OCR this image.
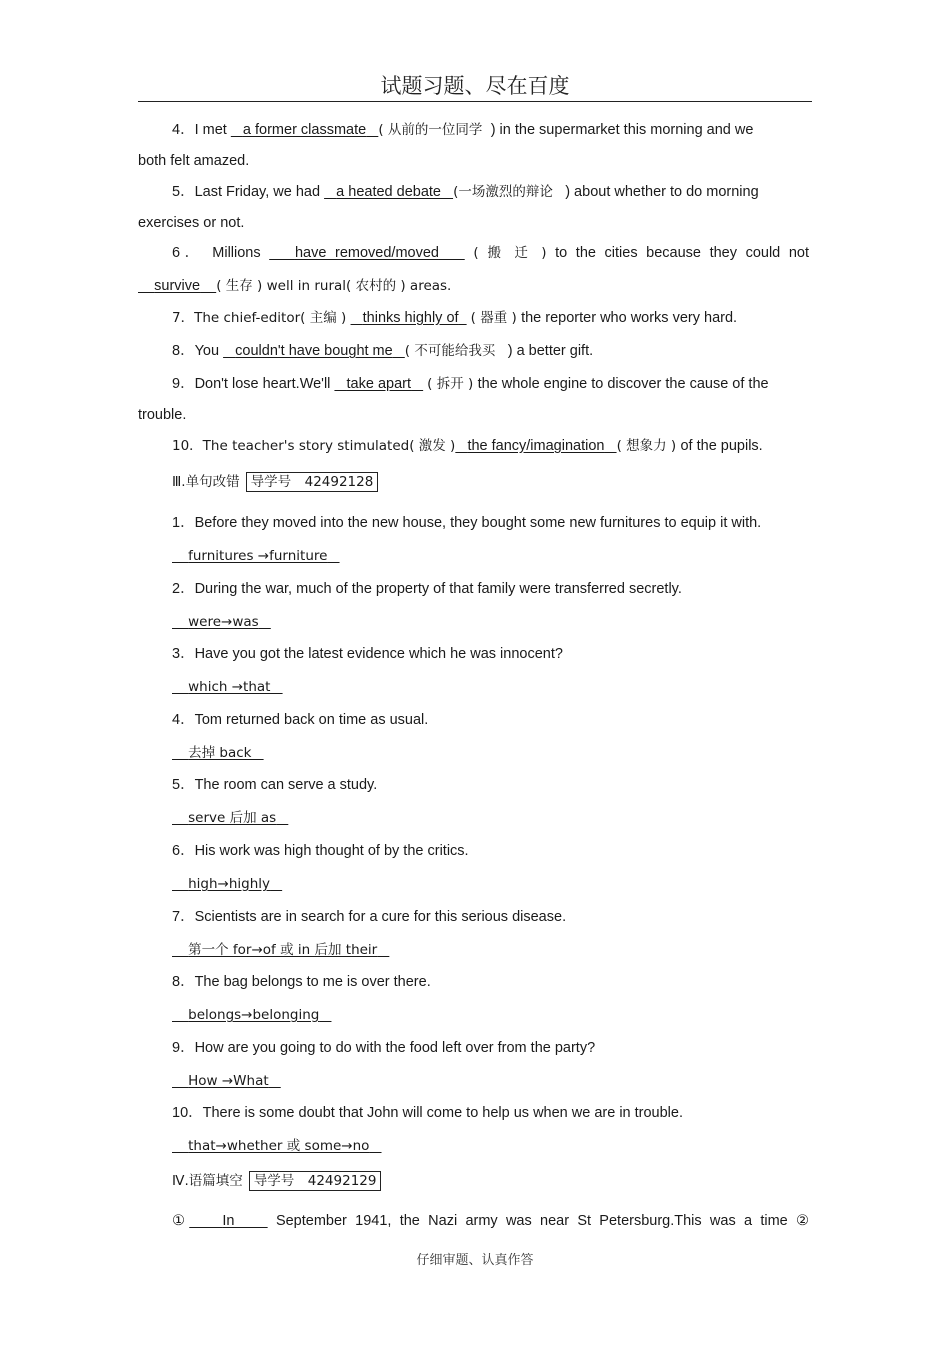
试题习题、尽在百度
4．I met    a former classmate ( 从前的一位同学  ) in the supermarket this morning and we
both felt amazed.
5．Last Friday, we had    a heated debate (一场激烈的辩论   ) about whether to do morning
exercises or not.
6． Millions    have removed/moved	( 搬 迁 ) to the cities because they could not
survive ( 生存 ) well in rural( 农村的 ) areas.
7．The chief-editor( 主编 )    thinks highly of ( 器重 ) the reporter who works very hard.
8．You    couldn't have bought me ( 不可能给我买   ) a better gift.
9．Don't lose heart.We'll    take apart ( 拆开 ) the whole engine to discover the cause of the
trouble.
10．The teacher's story stimulated( 激发 ) the fancy/imagination ( 想象力 ) of the pupils.
Ⅲ.单句改错 导学号　42492128
1．Before they moved into the new house, they bought some new furnitures to equip it with.
furnitures →furniture
2．During the war, much of the property of that family were transferred secretly.
were→was
3．Have you got the latest evidence which he was innocent?
which →that
4．Tom returned back on time as usual.
去掉 back
5．The room can serve a study.
serve 后加 as
6．His work was high thought of by the critics.
high→highly
7．Scientists are in search for a cure for this serious disease.
第一个 for→of 或 in 后加 their
8．The bag belongs to me is over there.
belongs→belonging
9．How are you going to do with the food left over from the party?
How →What
10．There is some doubt that John will come to help us when we are in trouble.
that→whether 或 some→no
Ⅳ.语篇填空 导学号　42492129
① In	September 1941, the Nazi army was near St Petersburg.This was a time ②
仔细审题、认真作答
